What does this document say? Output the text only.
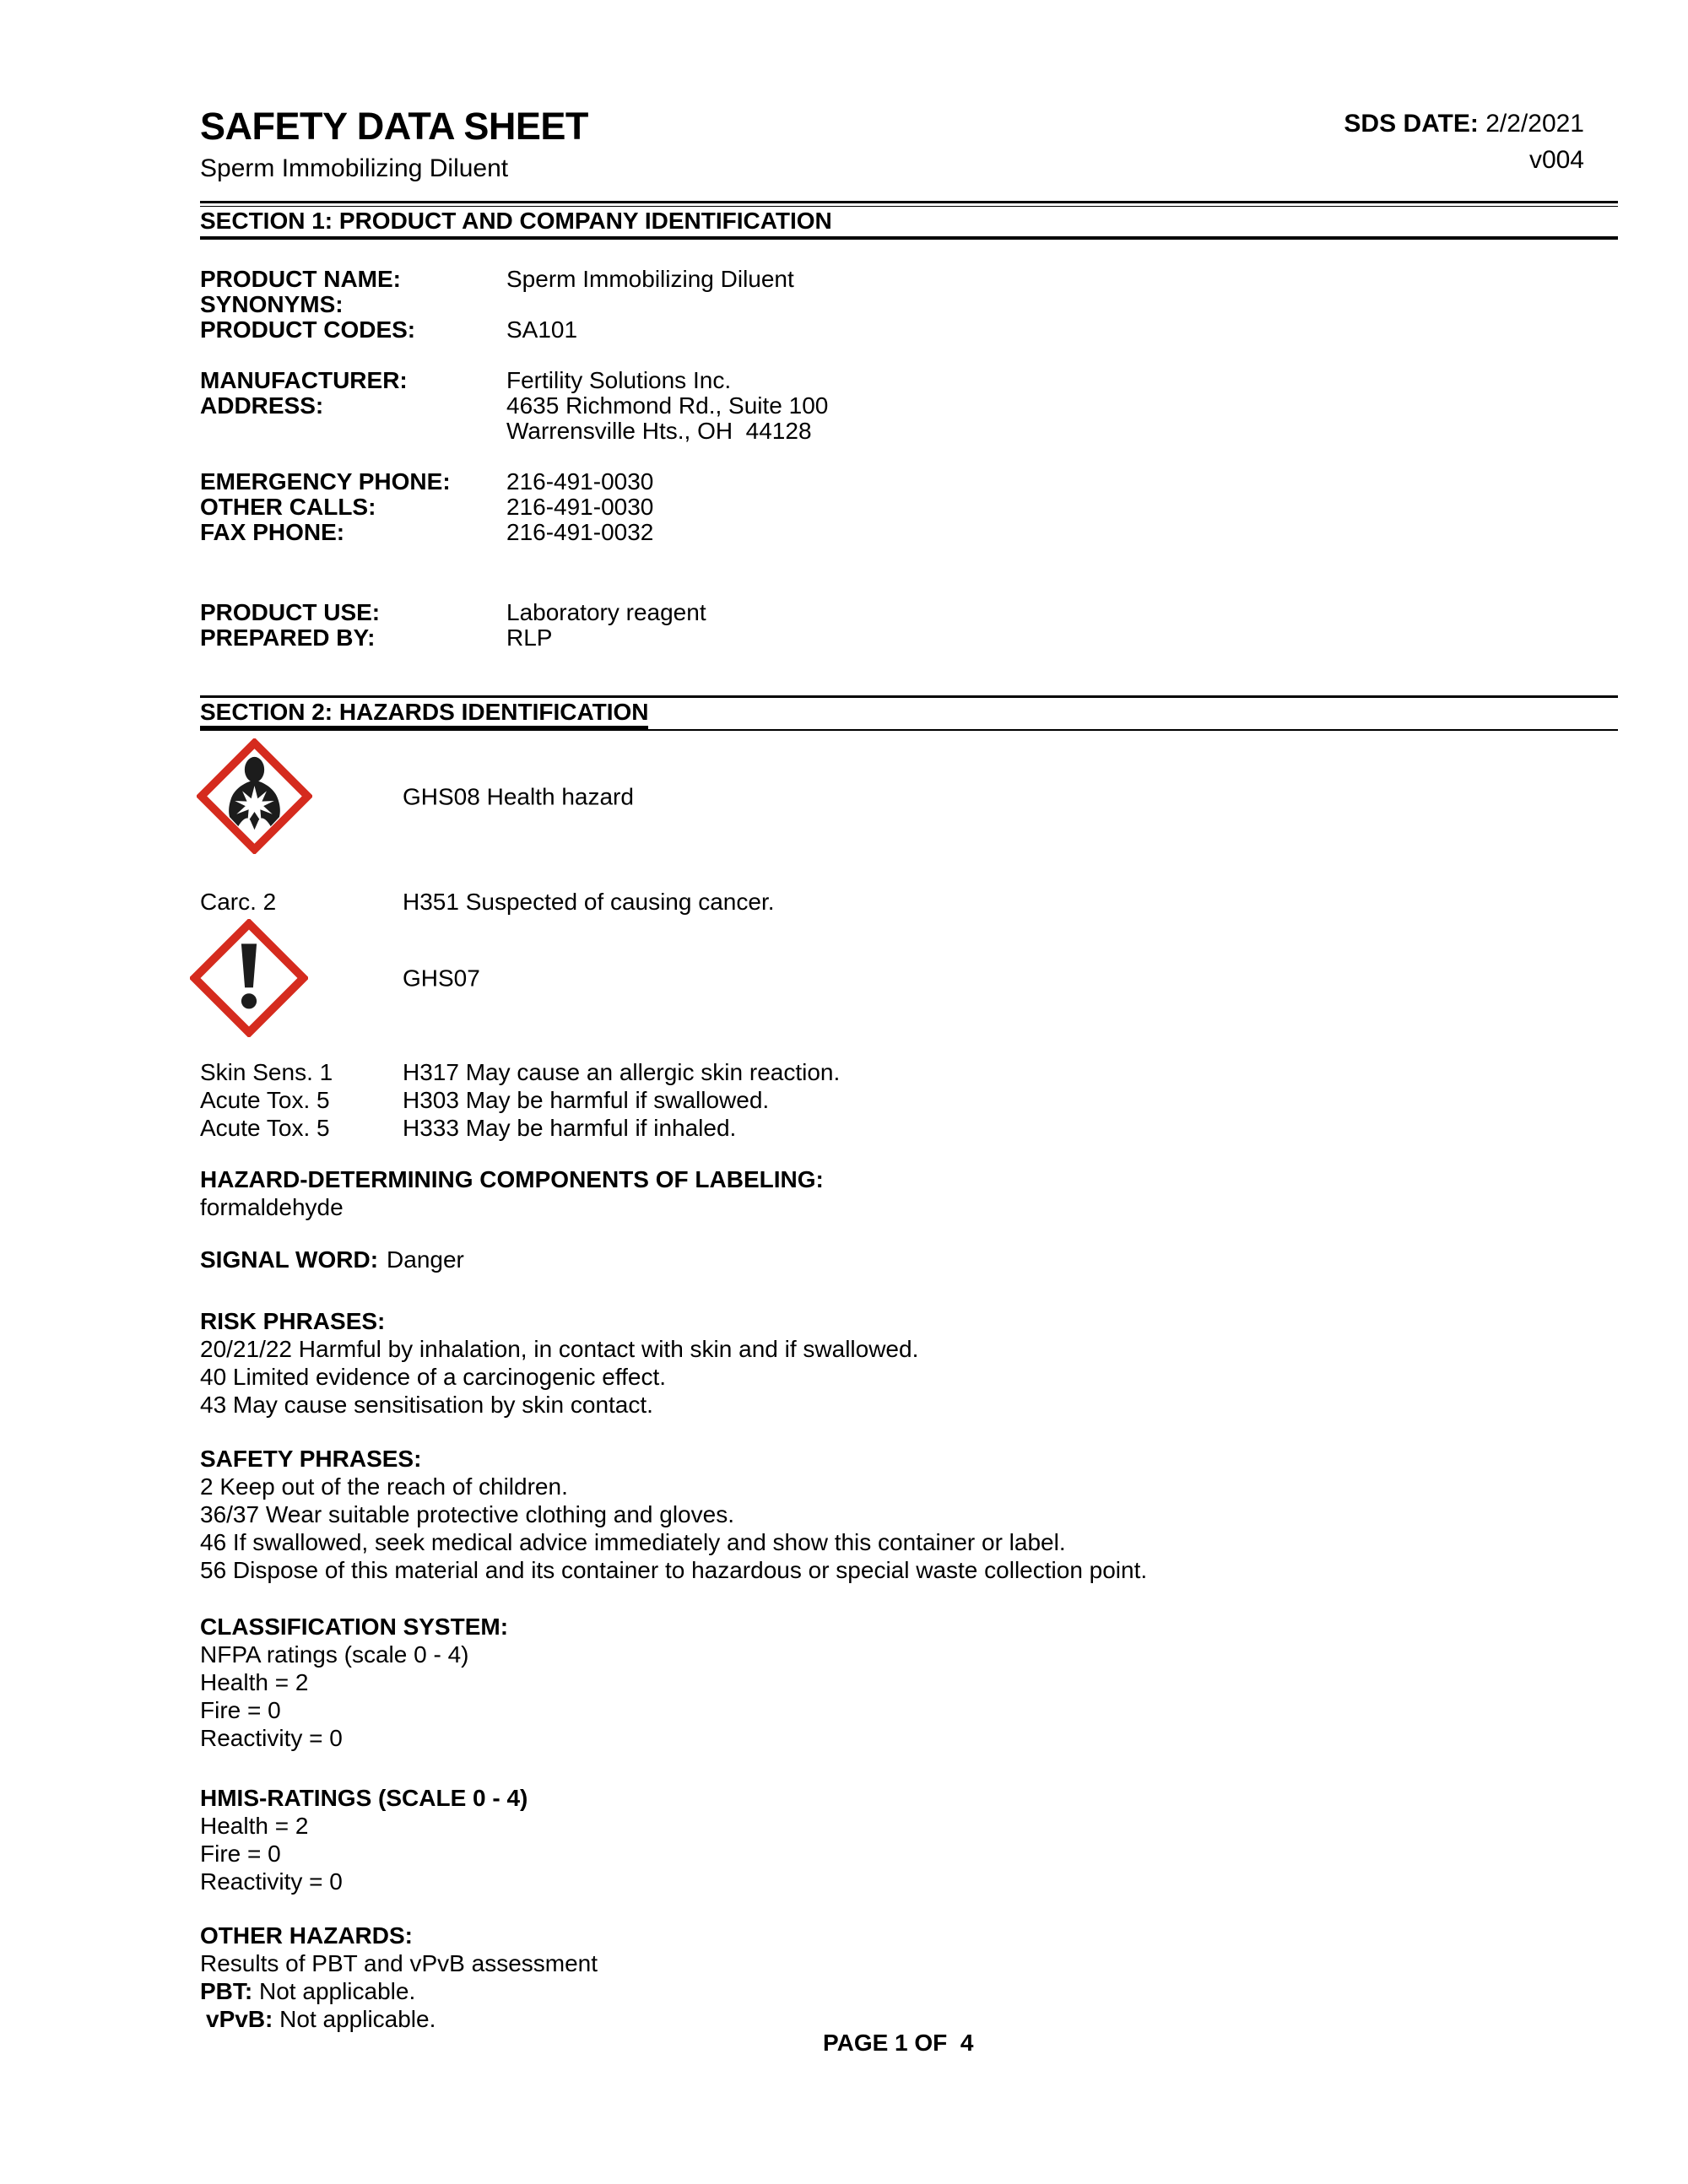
SAFETY DATA SHEET
Sperm Immobilizing Diluent
SDS DATE: 2/2/2021
v004
SECTION 1: PRODUCT AND COMPANY IDENTIFICATION
PRODUCT NAME:	Sperm Immobilizing Diluent
SYNONYMS:
PRODUCT CODES:	SA101
MANUFACTURER:	Fertility Solutions Inc.
ADDRESS:	4635 Richmond Rd., Suite 100
Warrensville Hts., OH  44128
EMERGENCY PHONE:	216-491-0030
OTHER CALLS:	216-491-0030
FAX PHONE:	216-491-0032
PRODUCT USE:	Laboratory reagent
PREPARED BY:	RLP
SECTION 2: HAZARDS IDENTIFICATION
GHS08 Health hazard
Carc. 2	H351 Suspected of causing cancer.
GHS07
Skin Sens. 1	H317 May cause an allergic skin reaction.
Acute Tox. 5	H303 May be harmful if swallowed.
Acute Tox. 5	H333 May be harmful if inhaled.
HAZARD-DETERMINING COMPONENTS OF LABELING:
formaldehyde
SIGNAL WORD: Danger
RISK PHRASES:
20/21/22 Harmful by inhalation, in contact with skin and if swallowed.
40 Limited evidence of a carcinogenic effect.
43 May cause sensitisation by skin contact.
SAFETY PHRASES:
2 Keep out of the reach of children.
36/37 Wear suitable protective clothing and gloves.
46 If swallowed, seek medical advice immediately and show this container or label.
56 Dispose of this material and its container to hazardous or special waste collection point.
CLASSIFICATION SYSTEM:
NFPA ratings (scale 0 - 4)
Health = 2
Fire = 0
Reactivity = 0
HMIS-RATINGS (SCALE 0 - 4)
Health = 2
Fire = 0
Reactivity = 0
OTHER HAZARDS:
Results of PBT and vPvB assessment
PBT: Not applicable.
vPvB: Not applicable.
PAGE 1 OF  4
